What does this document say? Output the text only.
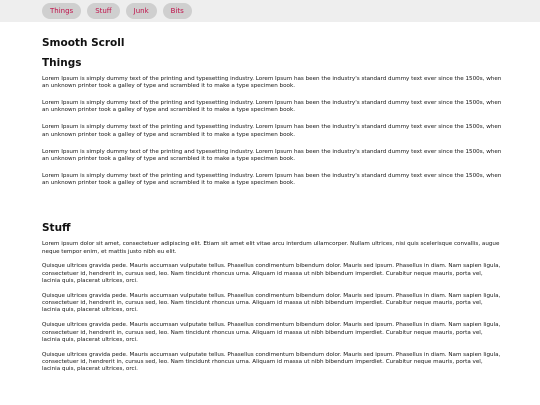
Things	Stuff	Junk	Bits
Smooth Scroll
Things

Lorem Ipsum is simply dummy text of the printing and typesetting industry. Lorem Ipsum has been the industry's standard dummy text ever since the 1500s, when an unknown printer took a galley of type and scrambled it to make a type specimen book.

Lorem Ipsum is simply dummy text of the printing and typesetting industry. Lorem Ipsum has been the industry's standard dummy text ever since the 1500s, when an unknown printer took a galley of type and scrambled it to make a type specimen book.

Lorem Ipsum is simply dummy text of the printing and typesetting industry. Lorem Ipsum has been the industry's standard dummy text ever since the 1500s, when an unknown printer took a galley of type and scrambled it to make a type specimen book.

Lorem Ipsum is simply dummy text of the printing and typesetting industry. Lorem Ipsum has been the industry's standard dummy text ever since the 1500s, when an unknown printer took a galley of type and scrambled it to make a type specimen book.

Lorem Ipsum is simply dummy text of the printing and typesetting industry. Lorem Ipsum has been the industry's standard dummy text ever since the 1500s, when an unknown printer took a galley of type and scrambled it to make a type specimen book.

Stuff

Lorem ipsum dolor sit amet, consectetuer adipiscing elit. Etiam sit amet elit vitae arcu interdum ullamcorper. Nullam ultrices, nisi quis scelerisque convallis, augue neque tempor enim, et mattis justo nibh eu elit.

Quisque ultrices gravida pede. Mauris accumsan vulputate tellus. Phasellus condimentum bibendum dolor. Mauris sed ipsum. Phasellus in diam. Nam sapien ligula, consectetuer id, hendrerit in, cursus sed, leo. Nam tincidunt rhoncus urna. Aliquam id massa ut nibh bibendum imperdiet. Curabitur neque mauris, porta vel, lacinia quis, placerat ultrices, orci.

Quisque ultrices gravida pede. Mauris accumsan vulputate tellus. Phasellus condimentum bibendum dolor. Mauris sed ipsum. Phasellus in diam. Nam sapien ligula, consectetuer id, hendrerit in, cursus sed, leo. Nam tincidunt rhoncus urna. Aliquam id massa ut nibh bibendum imperdiet. Curabitur neque mauris, porta vel, lacinia quis, placerat ultrices, orci.

Quisque ultrices gravida pede. Mauris accumsan vulputate tellus. Phasellus condimentum bibendum dolor. Mauris sed ipsum. Phasellus in diam. Nam sapien ligula, consectetuer id, hendrerit in, cursus sed, leo. Nam tincidunt rhoncus urna. Aliquam id massa ut nibh bibendum imperdiet. Curabitur neque mauris, porta vel, lacinia quis, placerat ultrices, orci.

Quisque ultrices gravida pede. Mauris accumsan vulputate tellus. Phasellus condimentum bibendum dolor. Mauris sed ipsum. Phasellus in diam. Nam sapien ligula, consectetuer id, hendrerit in, cursus sed, leo. Nam tincidunt rhoncus urna. Aliquam id massa ut nibh bibendum imperdiet. Curabitur neque mauris, porta vel, lacinia quis, placerat ultrices, orci.
